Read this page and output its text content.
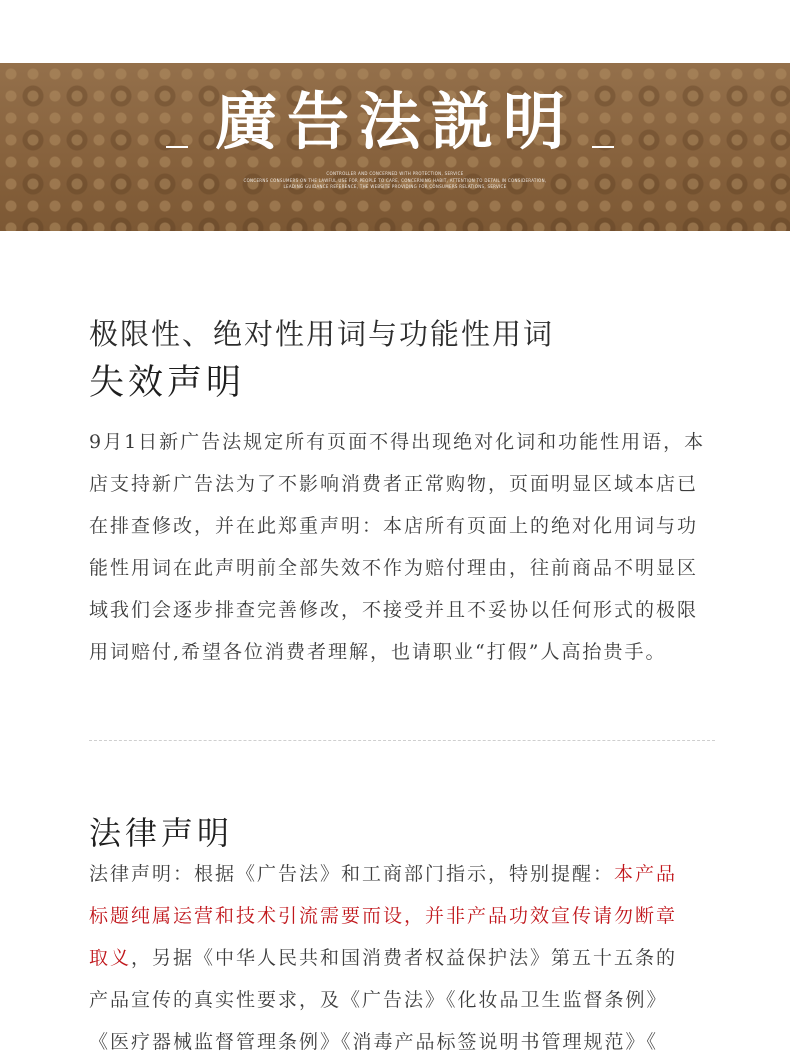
廣告法説明
CONTROLLER AND CONCERNED WITH PROTECTION, SERVICE
CONCERNS CONSUMERS ON THE LAWFUL USE FOR PEOPLE TO CARE, CONCERNING HABIT, ATTENTION TO DETAIL IN CONSIDERATION,
LEADING GUIDANCE REFERENCE, THE WEBSITE PROVIDING FOR CONSUMERS RELATIONS, SERVICE
极限性、绝对性用词与功能性用词
失效声明
9月1日新广告法规定所有页面不得出现绝对化词和功能性用语，本
店支持新广告法为了不影响消费者正常购物，页面明显区域本店已
在排查修改，并在此郑重声明：本店所有页面上的绝对化用词与功
能性用词在此声明前全部失效不作为赔付理由，往前商品不明显区
域我们会逐步排查完善修改，不接受并且不妥协以任何形式的极限
用词赔付,希望各位消费者理解，也请职业“打假”人高抬贵手。
法律声明
法律声明：根据《广告法》和工商部门指示，特别提醒：本产品
标题纯属运营和技术引流需要而设，并非产品功效宣传请勿断章
取义，另据《中华人民共和国消费者权益保护法》第五十五条的
产品宣传的真实性要求，及《广告法》《化妆品卫生监督条例》
《医疗器械监督管理条例》《消毒产品标签说明书管理规范》《
